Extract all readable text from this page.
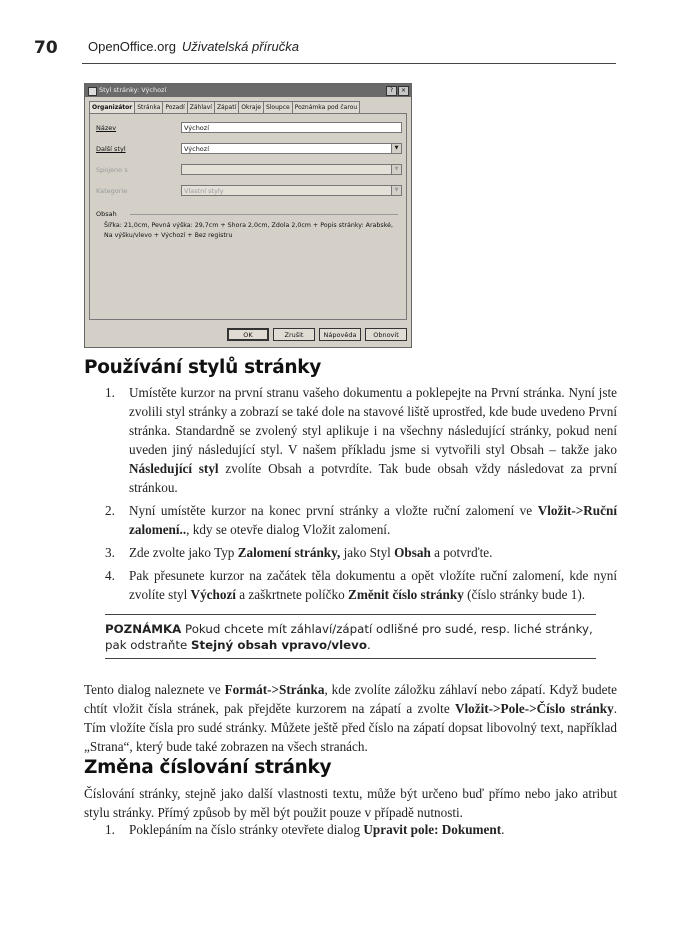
70 OpenOffice.org Uživatelská příručka
Styl stránky: Výchozí	?	×
Organizátor Stránka Pozadí Záhlaví Zápatí Okraje Sloupce Poznámka pod čarou
Název	Výchozí
Další styl	Výchozí	▼
Spojeno s	▼
Kategorie	Vlastní styly	▼
Obsah
Šířka: 21,0cm, Pevná výška: 29,7cm + Shora 2,0cm, Zdola 2,0cm + Popis stránky: Arabské,
Na výšku/vlevo + Výchozí + Bez registru
OK	Zrušit	Nápověda	Obnovit
Používání stylů stránky
1. Umístěte kurzor na první stranu vašeho dokumentu a poklepejte na První stránka. Nyní jste zvolili styl stránky a zobrazí se také dole na stavové liště uprostřed, kde bude uvedeno První stránka. Standardně se zvolený styl aplikuje i na všechny následující stránky, pokud není uveden jiný následující styl. V našem příkladu jsme si vytvořili styl Obsah – takže jako Následující styl zvolíte Obsah a potvrdíte. Tak bude obsah vždy následovat za první stránkou.
2. Nyní umístěte kurzor na konec první stránky a vložte ruční zalomení ve Vložit->Ruční zalomení.., kdy se otevře dialog Vložit zalomení.
3. Zde zvolte jako Typ Zalomení stránky, jako Styl Obsah a potvrďte.
4. Pak přesunete kurzor na začátek těla dokumentu a opět vložíte ruční zalomení, kde nyní zvolíte styl Výchozí a zaškrtnete políčko Změnit číslo stránky (číslo stránky bude 1).
POZNÁMKA Pokud chcete mít záhlaví/zápatí odlišné pro sudé, resp. liché stránky, pak odstraňte Stejný obsah vpravo/vlevo.

Tento dialog naleznete ve Formát->Stránka, kde zvolíte záložku záhlaví nebo zápatí. Když budete chtít vložit čísla stránek, pak přejděte kurzorem na zápatí a zvolte Vložit->Pole->Číslo stránky. Tím vložíte čísla pro sudé stránky. Můžete ještě před číslo na zápatí dopsat libovolný text, například „Strana“, který bude také zobrazen na všech stranách.

Změna číslování stránky

Číslování stránky, stejně jako další vlastnosti textu, může být určeno buď přímo nebo jako atribut stylu stránky. Přímý způsob by měl být použit pouze v případě nutnosti.

1. Poklepáním na číslo stránky otevřete dialog Upravit pole: Dokument.
